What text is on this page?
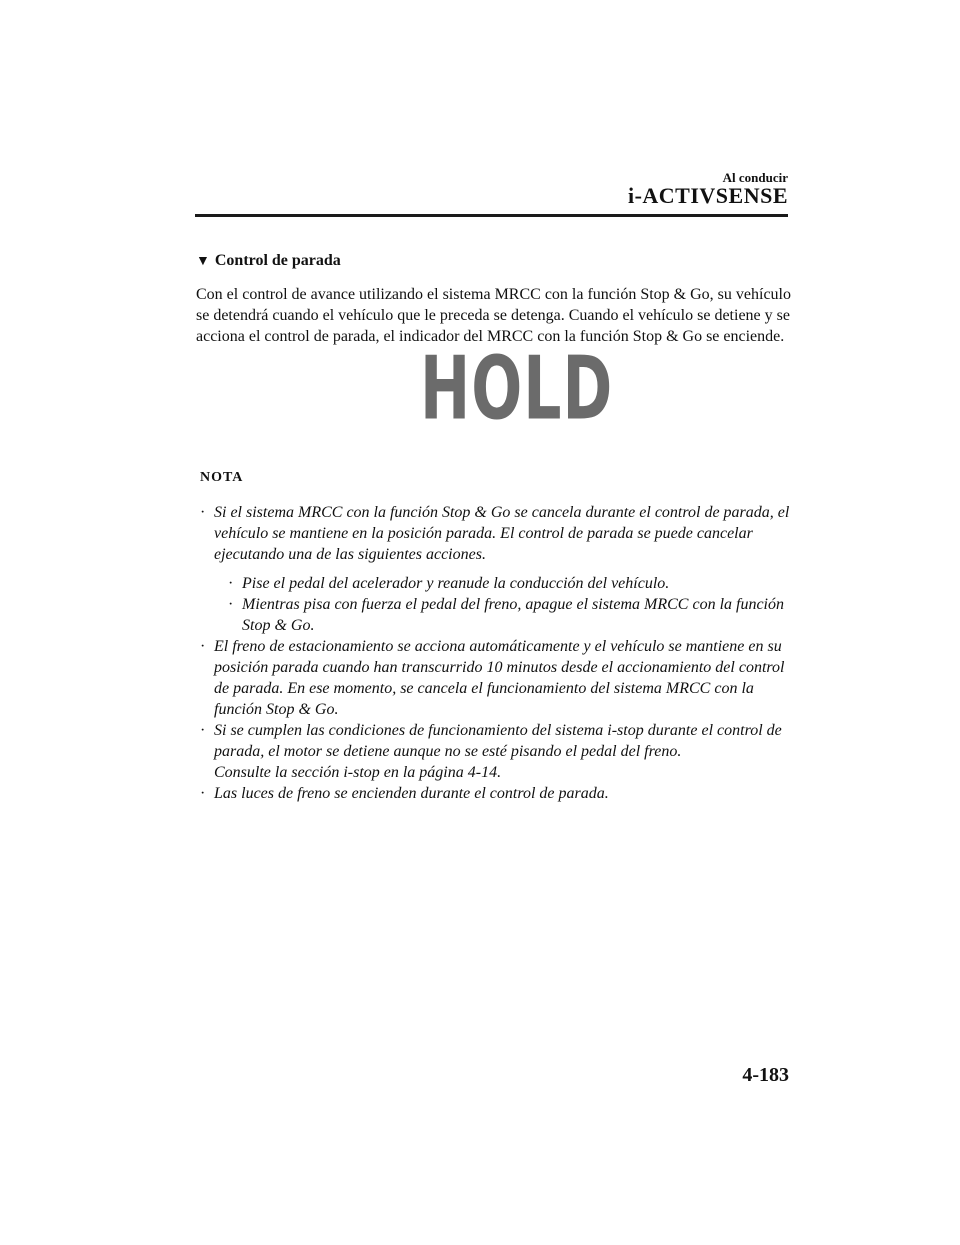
Al conducir
i-ACTIVSENSE
▼ Control de parada

Con el control de avance utilizando el sistema MRCC con la función Stop & Go, su vehículo se detendrá cuando el vehículo que le preceda se detenga. Cuando el vehículo se detiene y se acciona el control de parada, el indicador del MRCC con la función Stop & Go se enciende.

HOLD
NOTA
· Si el sistema MRCC con la función Stop & Go se cancela durante el control de parada, el vehículo se mantiene en la posición parada. El control de parada se puede cancelar ejecutando una de las siguientes acciones.
· Pise el pedal del acelerador y reanude la conducción del vehículo.
· Mientras pisa con fuerza el pedal del freno, apague el sistema MRCC con la función Stop & Go.
· El freno de estacionamiento se acciona automáticamente y el vehículo se mantiene en su posición parada cuando han transcurrido 10 minutos desde el accionamiento del control de parada. En ese momento, se cancela el funcionamiento del sistema MRCC con la función Stop & Go.
· Si se cumplen las condiciones de funcionamiento del sistema i-stop durante el control de parada, el motor se detiene aunque no se esté pisando el pedal del freno.
Consulte la sección i-stop en la página 4-14.
· Las luces de freno se encienden durante el control de parada.
4-183
